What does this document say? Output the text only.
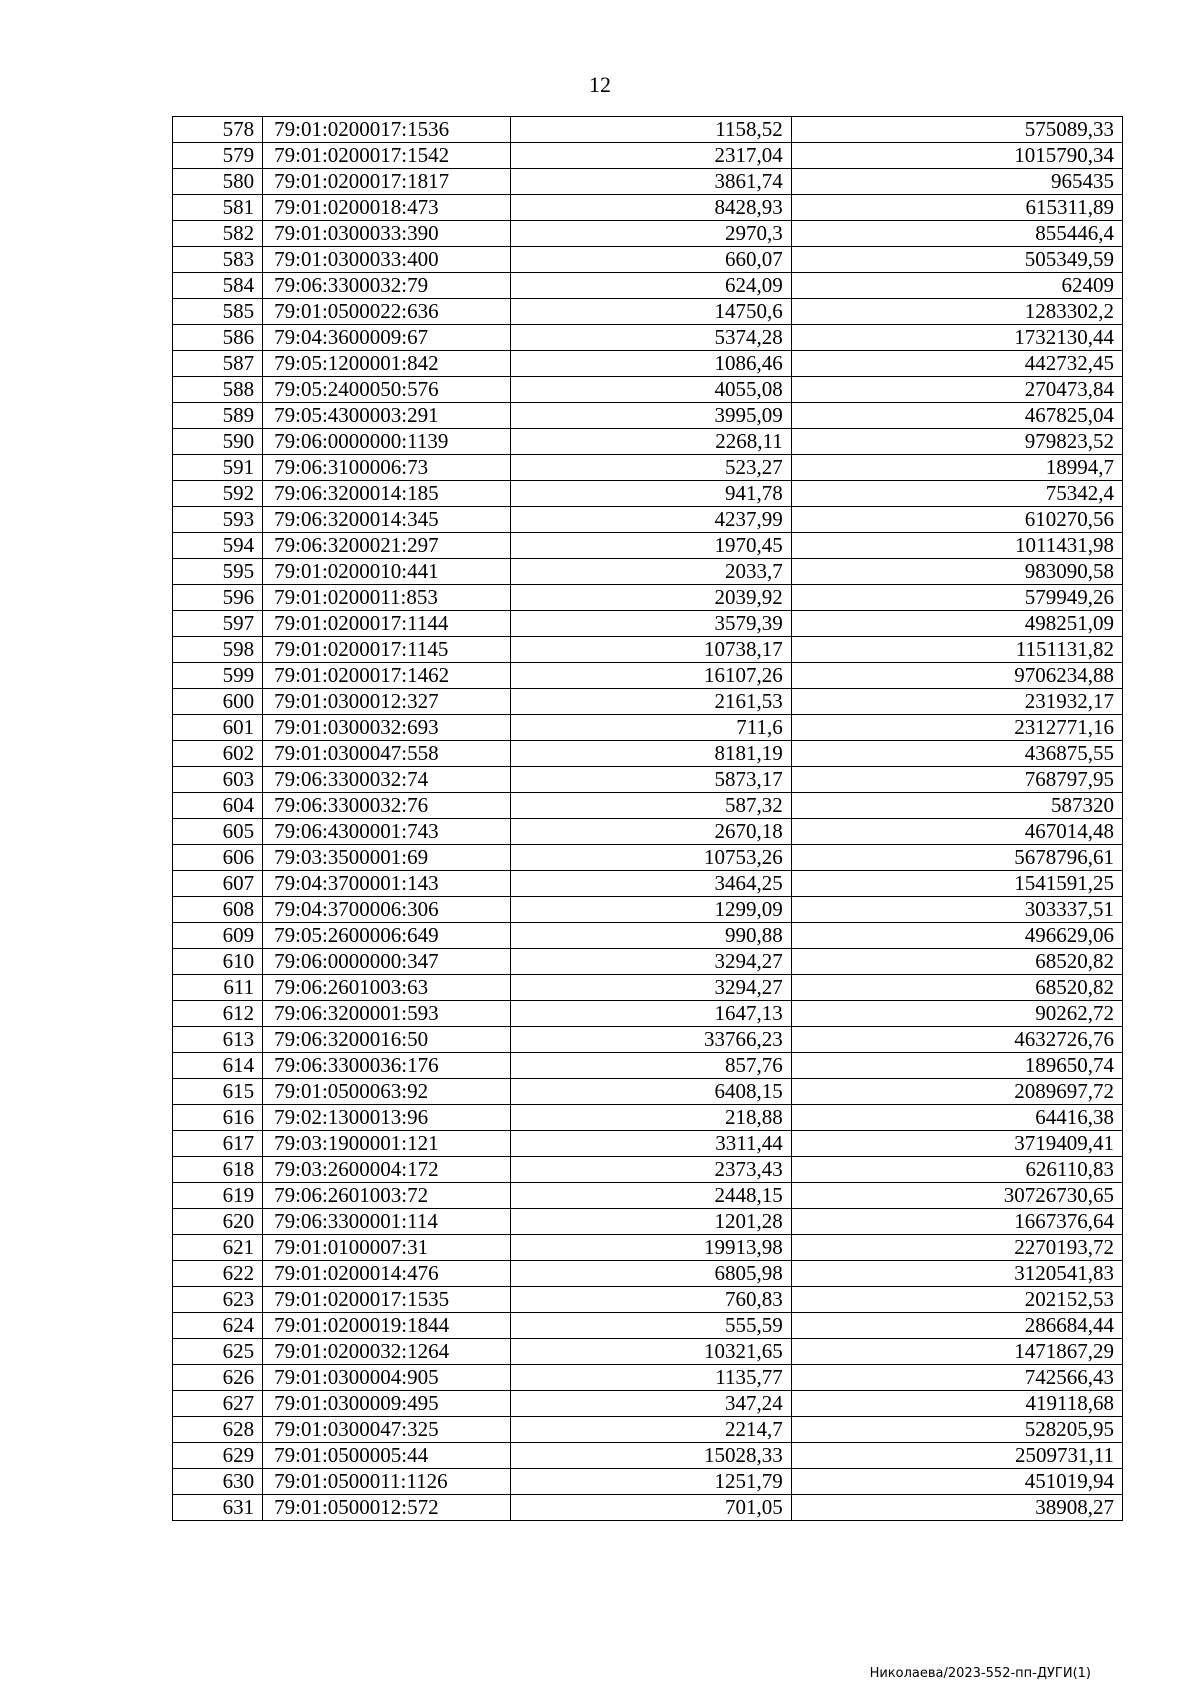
12
578	79:01:0200017:1536	1158,52	575089,33
579	79:01:0200017:1542	2317,04	1015790,34
580	79:01:0200017:1817	3861,74	965435
581	79:01:0200018:473	8428,93	615311,89
582	79:01:0300033:390	2970,3	855446,4
583	79:01:0300033:400	660,07	505349,59
584	79:06:3300032:79	624,09	62409
585	79:01:0500022:636	14750,6	1283302,2
586	79:04:3600009:67	5374,28	1732130,44
587	79:05:1200001:842	1086,46	442732,45
588	79:05:2400050:576	4055,08	270473,84
589	79:05:4300003:291	3995,09	467825,04
590	79:06:0000000:1139	2268,11	979823,52
591	79:06:3100006:73	523,27	18994,7
592	79:06:3200014:185	941,78	75342,4
593	79:06:3200014:345	4237,99	610270,56
594	79:06:3200021:297	1970,45	1011431,98
595	79:01:0200010:441	2033,7	983090,58
596	79:01:0200011:853	2039,92	579949,26
597	79:01:0200017:1144	3579,39	498251,09
598	79:01:0200017:1145	10738,17	1151131,82
599	79:01:0200017:1462	16107,26	9706234,88
600	79:01:0300012:327	2161,53	231932,17
601	79:01:0300032:693	711,6	2312771,16
602	79:01:0300047:558	8181,19	436875,55
603	79:06:3300032:74	5873,17	768797,95
604	79:06:3300032:76	587,32	587320
605	79:06:4300001:743	2670,18	467014,48
606	79:03:3500001:69	10753,26	5678796,61
607	79:04:3700001:143	3464,25	1541591,25
608	79:04:3700006:306	1299,09	303337,51
609	79:05:2600006:649	990,88	496629,06
610	79:06:0000000:347	3294,27	68520,82
611	79:06:2601003:63	3294,27	68520,82
612	79:06:3200001:593	1647,13	90262,72
613	79:06:3200016:50	33766,23	4632726,76
614	79:06:3300036:176	857,76	189650,74
615	79:01:0500063:92	6408,15	2089697,72
616	79:02:1300013:96	218,88	64416,38
617	79:03:1900001:121	3311,44	3719409,41
618	79:03:2600004:172	2373,43	626110,83
619	79:06:2601003:72	2448,15	30726730,65
620	79:06:3300001:114	1201,28	1667376,64
621	79:01:0100007:31	19913,98	2270193,72
622	79:01:0200014:476	6805,98	3120541,83
623	79:01:0200017:1535	760,83	202152,53
624	79:01:0200019:1844	555,59	286684,44
625	79:01:0200032:1264	10321,65	1471867,29
626	79:01:0300004:905	1135,77	742566,43
627	79:01:0300009:495	347,24	419118,68
628	79:01:0300047:325	2214,7	528205,95
629	79:01:0500005:44	15028,33	2509731,11
630	79:01:0500011:1126	1251,79	451019,94
631	79:01:0500012:572	701,05	38908,27
Николаева/2023-552-пп-ДУГИ(1)
